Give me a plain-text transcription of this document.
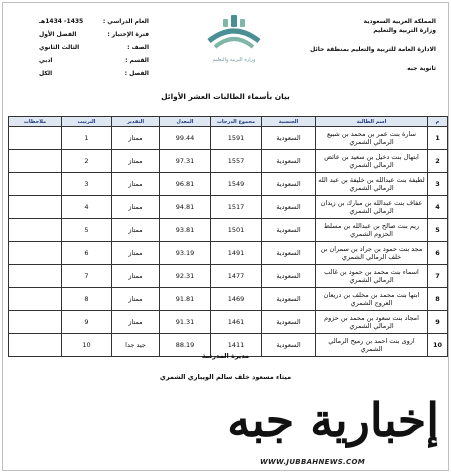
المملكة العربية السعودية
وزارة التربية والتعليم
الادارة العامة للتربية والتعليم بمنطقة حائل
ثانوية جبه
وزارة التربية والتعليم
العام الدراسي :
1435- 1434هـ
فترة الإختبار :
الفصل الأول
الصف :
الثالث الثانوي
القسم :
ادبي
الفصل :
الكل
بيان بأسماء الطالبات العشر الأوائل
م	اسم الطالبة	الجنسية	مجموع الدرجات	المعدل	التقدير	الترتيب	ملاحظات
1	سارة بنت عمر بن محمد بن شبيع الرمالي الشمري	السعودية	1591	99.44	ممتاز	1	
2	ابتهال بنت دخيل بن سعيد بن عائض الرمالي الشمري	السعودية	1557	97.31	ممتاز	2	
3	لطيفة بنت عبدالله بن خليفة بن عبد الله الرمالي الشمري	السعودية	1549	96.81	ممتاز	3	
4	عفاف بنت عبدالله بن مبارك بن زيدان الرمالي الشمري	السعودية	1517	94.81	ممتاز	4	
5	ريم بنت صالح بن عبدالله بن مسلط الحزوم الشمري	السعودية	1501	93.81	ممتاز	5	
6	مجد بنت حمود بن جراد بن سمران بن خلف الرمالي الشمري	السعودية	1491	93.19	ممتاز	6	
7	اسماء بنت محمد بن حمود بن غالب الرمالي الشمري	السعودية	1477	92.31	ممتاز	7	
8	ابتها بنت محمد بن مخلف بن دريعان العروج الشمري	السعودية	1469	91.81	ممتاز	8	
9	امجاد بنت سعود بن محمد بن حزوم الرمالي الشمري	السعودية	1461	91.31	ممتاز	9	
10	اروى بنت احمد بن رميح الرمالي الشمري	السعودية	1411	88.19	جيد جدا	10	
مديرة المدرسة
ميثاء مسعود خلف سالم الويباري الشمري
إخبارية جبه
WWW.JUBBAHNEWS.COM
